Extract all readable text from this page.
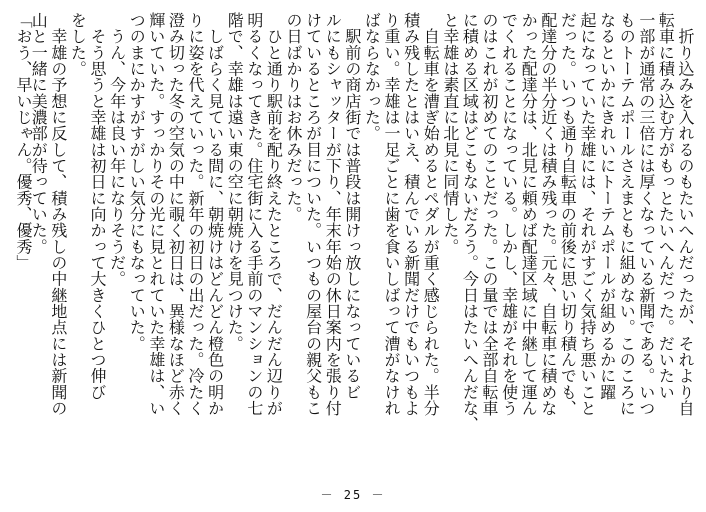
　折り込みを入れるのもたいへんだったが、それより自
転車に積み込む方がもっとたいへんだった。だいたい
一部が通常の三倍には厚くなっている新聞である。いつ
ものトーテムポールさえまともに組めない。このころに
なるといかにきれいにトーテムポールが組めるかに躍
起になっていた幸雄には、それがすごく気持ち悪いこと
だった。いつも通り自転車の前後に思い切り積んでも、
配達分の半分近くは積み残った。元々、自転車に積めな
かった配達分は、北見に頼めば配達区域に中継して運ん
でくれることになっている。しかし、幸雄がそれを使う
のはこれが初めてのことだった。この量では全部自転車
に積める区域はどこもないだろう。今日はたいへんだな、
と幸雄は素直に北見に同情した。
　自転車を漕ぎ始めるとペダルが重く感じられた。半分
積み残したとはいえ、積んでいる新聞だけでもいつもよ
り重い。幸雄は一足ごとに歯を食いしばって漕がなけれ
ばならなかった。
　駅前の商店街では普段は開けっ放しになっているビ
ルにもシャッターが下り、年末年始の休日案内を張り付
けているところが目についた。いつもの屋台の親父もこ
の日ばかりはお休みだった。
　ひと通り駅前を配り終えたところで、だんだん辺りが
明るくなってきた。住宅街に入る手前のマンションの七
階で、幸雄は遠い東の空に朝焼けを見つけた。
　しばらく見ている間に、朝焼けはどんどん橙色の明か
りに姿を代えていった。新年の初日の出だった。冷たく
澄み切った冬の空気の中に覗く初日は、異様なほど赤く
輝いていた。すっかりその光に見とれていた幸雄は、い
つのまにかすがすがしい気分にもなっていた。
　うん、今年は良い年になりそうだ。
　そう思うと幸雄は初日に向かって大きくひとつ伸び
をした。
　幸雄の予想に反して、積み残しの中継地点には新聞の
山と一緒に美濃部が待っていた。
「おう、早いじゃん。優秀、優秀」
－ 25 －
